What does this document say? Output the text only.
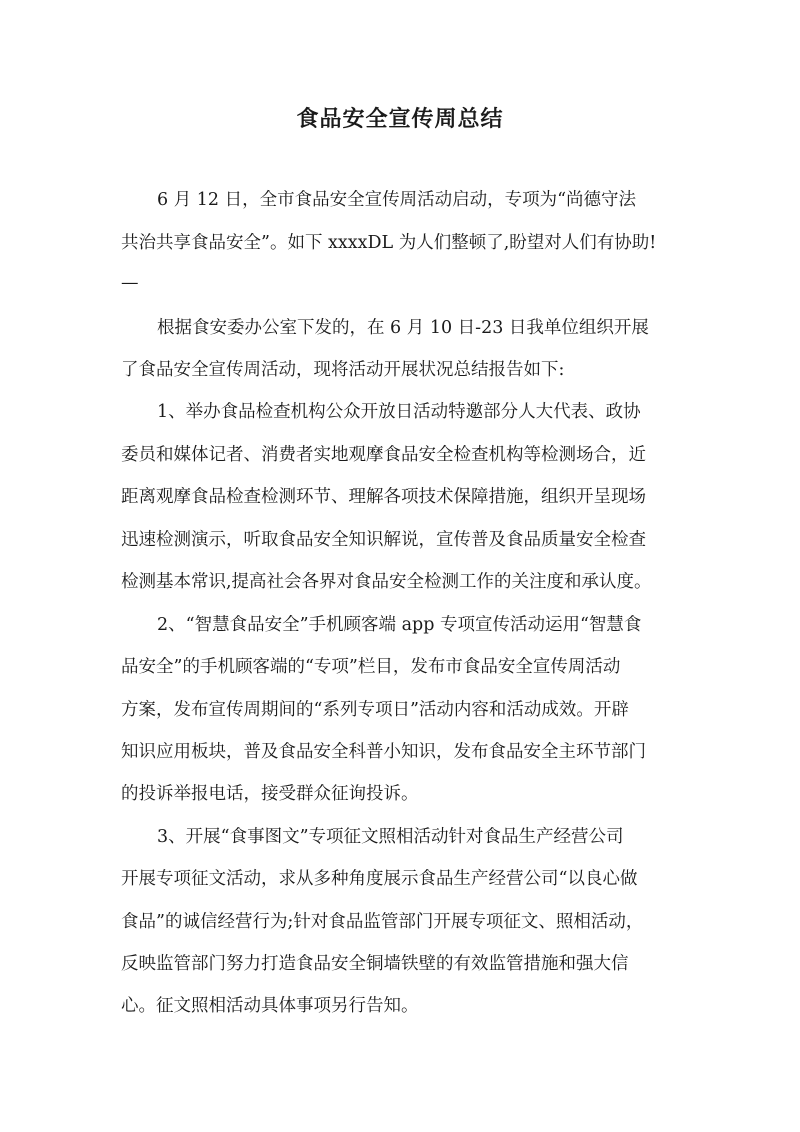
食品安全宣传周总结
6 月 12 日，全市食品安全宣传周活动启动，专项为“尚德守法
共治共享食品安全”。如下 xxxxDL 为人们整顿了,盼望对人们有协助!
—
根据食安委办公室下发的，在 6 月 10 日-23 日我单位组织开展
了食品安全宣传周活动，现将活动开展状况总结报告如下:
1、举办食品检查机构公众开放日活动特邀部分人大代表、政协
委员和媒体记者、消费者实地观摩食品安全检查机构等检测场合，近
距离观摩食品检查检测环节、理解各项技术保障措施，组织开呈现场
迅速检测演示，听取食品安全知识解说，宣传普及食品质量安全检查
检测基本常识,提高社会各界对食品安全检测工作的关注度和承认度。
2、“智慧食品安全”手机顾客端 app 专项宣传活动运用“智慧食
品安全”的手机顾客端的“专项”栏目，发布市食品安全宣传周活动
方案，发布宣传周期间的“系列专项日”活动内容和活动成效。开辟
知识应用板块，普及食品安全科普小知识，发布食品安全主环节部门
的投诉举报电话，接受群众征询投诉。
3、开展“食事图文”专项征文照相活动针对食品生产经营公司
开展专项征文活动，求从多种角度展示食品生产经营公司“以良心做
食品”的诚信经营行为;针对食品监管部门开展专项征文、照相活动，
反映监管部门努力打造食品安全铜墙铁壁的有效监管措施和强大信
心。征文照相活动具体事项另行告知。
